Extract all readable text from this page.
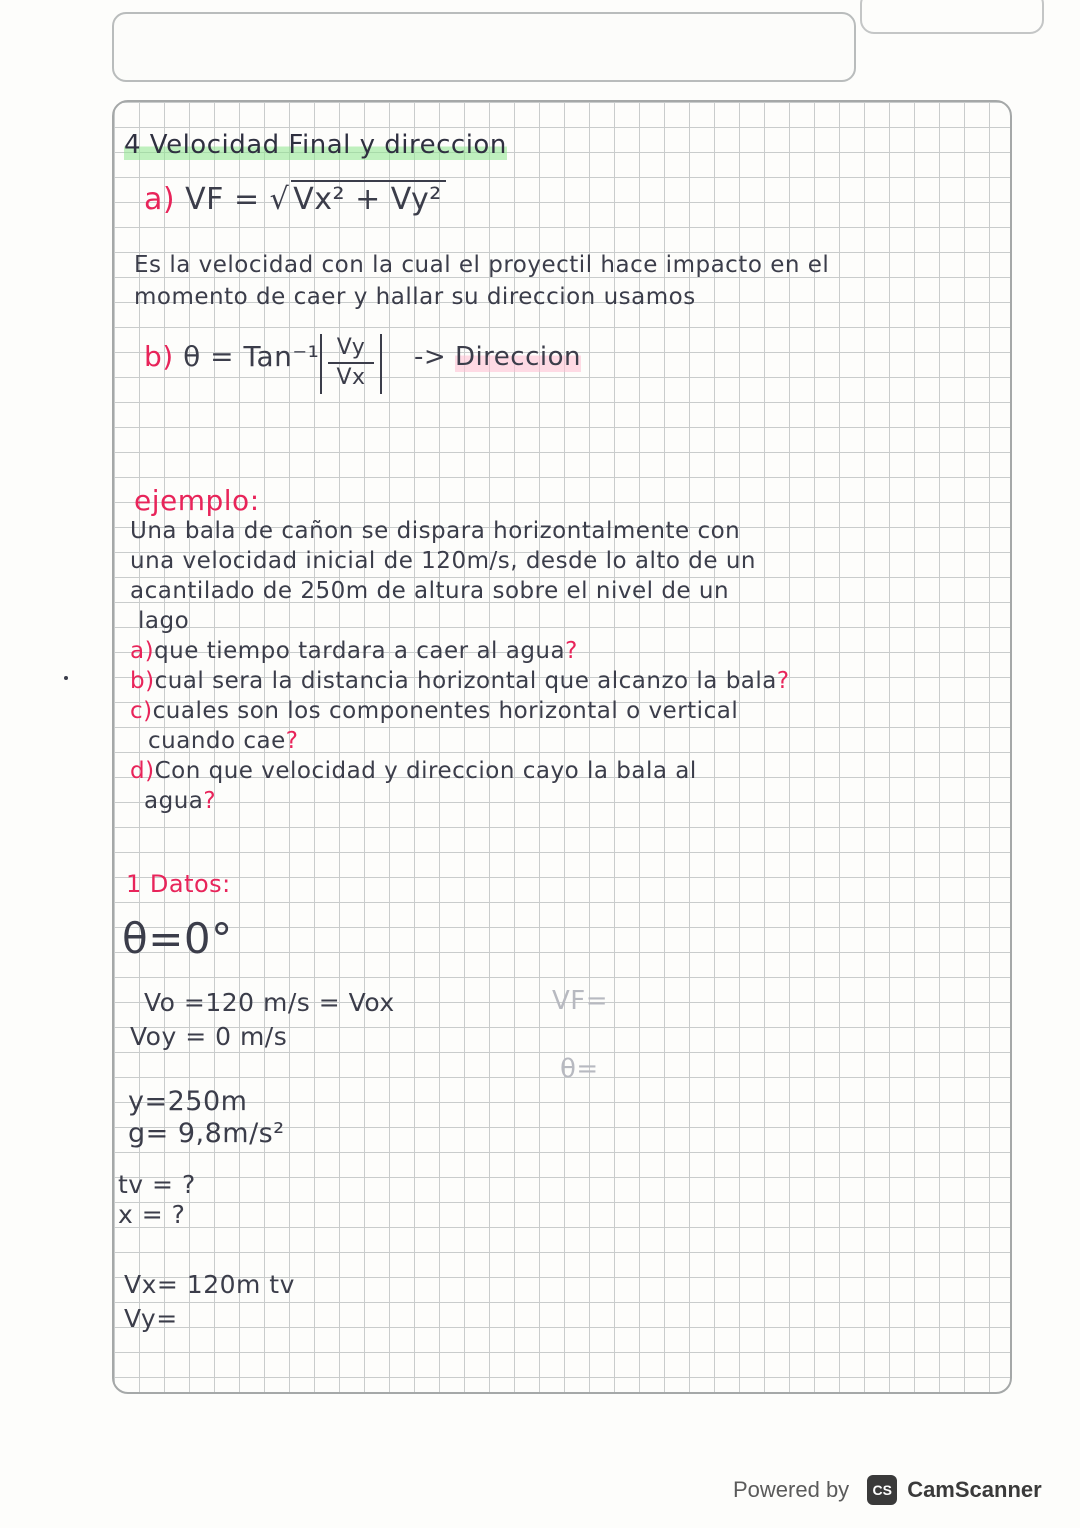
4 Velocidad Final y direccion
a) VF = √ Vx² + Vy²
Es la velocidad con la cual el proyectil hace impacto en el
momento de caer y hallar su direccion usamos
b) $\theta = Tan^{-1} \frac{Vy}{Vx}$ -> Direccion
ejemplo:
Una bala de cañon se dispara horizontalmente con
una velocidad inicial de 120m/s, desde lo alto de un
acantilado de 250m de altura sobre el nivel de un
lago
a)que tiempo tardara a caer al agua?
b)cual sera la distancia horizontal que alcanzo la bala?
c)cuales son los componentes horizontal o vertical
cuando cae?
d)Con que velocidad y direccion cayo la bala al
agua?
1 Datos:
θ=0°
Vo =120 m/s = Vox
Voy = 0 m/s
VF=
θ=
y=250m
g= 9,8m/s²
tv = ?
x = ?
Vx= 120m tv
Vy=
Powered by	CS CamScanner
